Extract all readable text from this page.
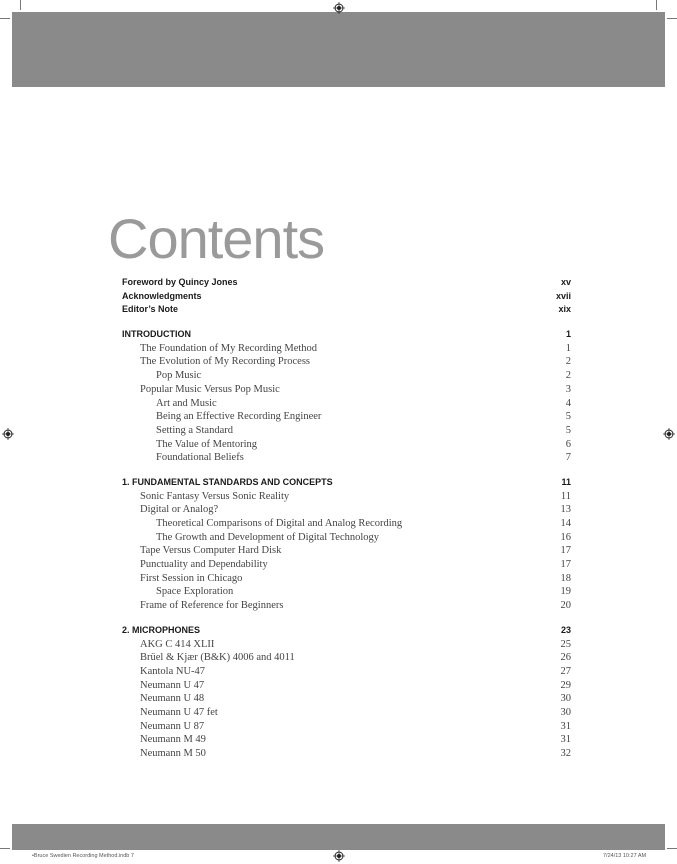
Contents
Foreword by Quincy Jones	xv
Acknowledgments	xvii
Editor’s Note	xix
INTRODUCTION	1
The Foundation of My Recording Method	1
The Evolution of My Recording Process	2
Pop Music	2
Popular Music Versus Pop Music	3
Art and Music	4
Being an Effective Recording Engineer	5
Setting a Standard	5
The Value of Mentoring	6
Foundational Beliefs	7
1. FUNDAMENTAL STANDARDS AND CONCEPTS	11
Sonic Fantasy Versus Sonic Reality	11
Digital or Analog?	13
Theoretical Comparisons of Digital and Analog Recording	14
The Growth and Development of Digital Technology	16
Tape Versus Computer Hard Disk	17
Punctuality and Dependability	17
First Session in Chicago	18
Space Exploration	19
Frame of Reference for Beginners	20
2. MICROPHONES	23
AKG C 414 XLII	25
Brüel & Kjær (B&K) 4006 and 4011	26
Kantola NU-47	27
Neumann U 47	29
Neumann U 48	30
Neumann U 47 fet	30
Neumann U 87	31
Neumann M 49	31
Neumann M 50	32
•Bruce Swedien Recording Method.indb 7	7/24/13 10:27 AM
